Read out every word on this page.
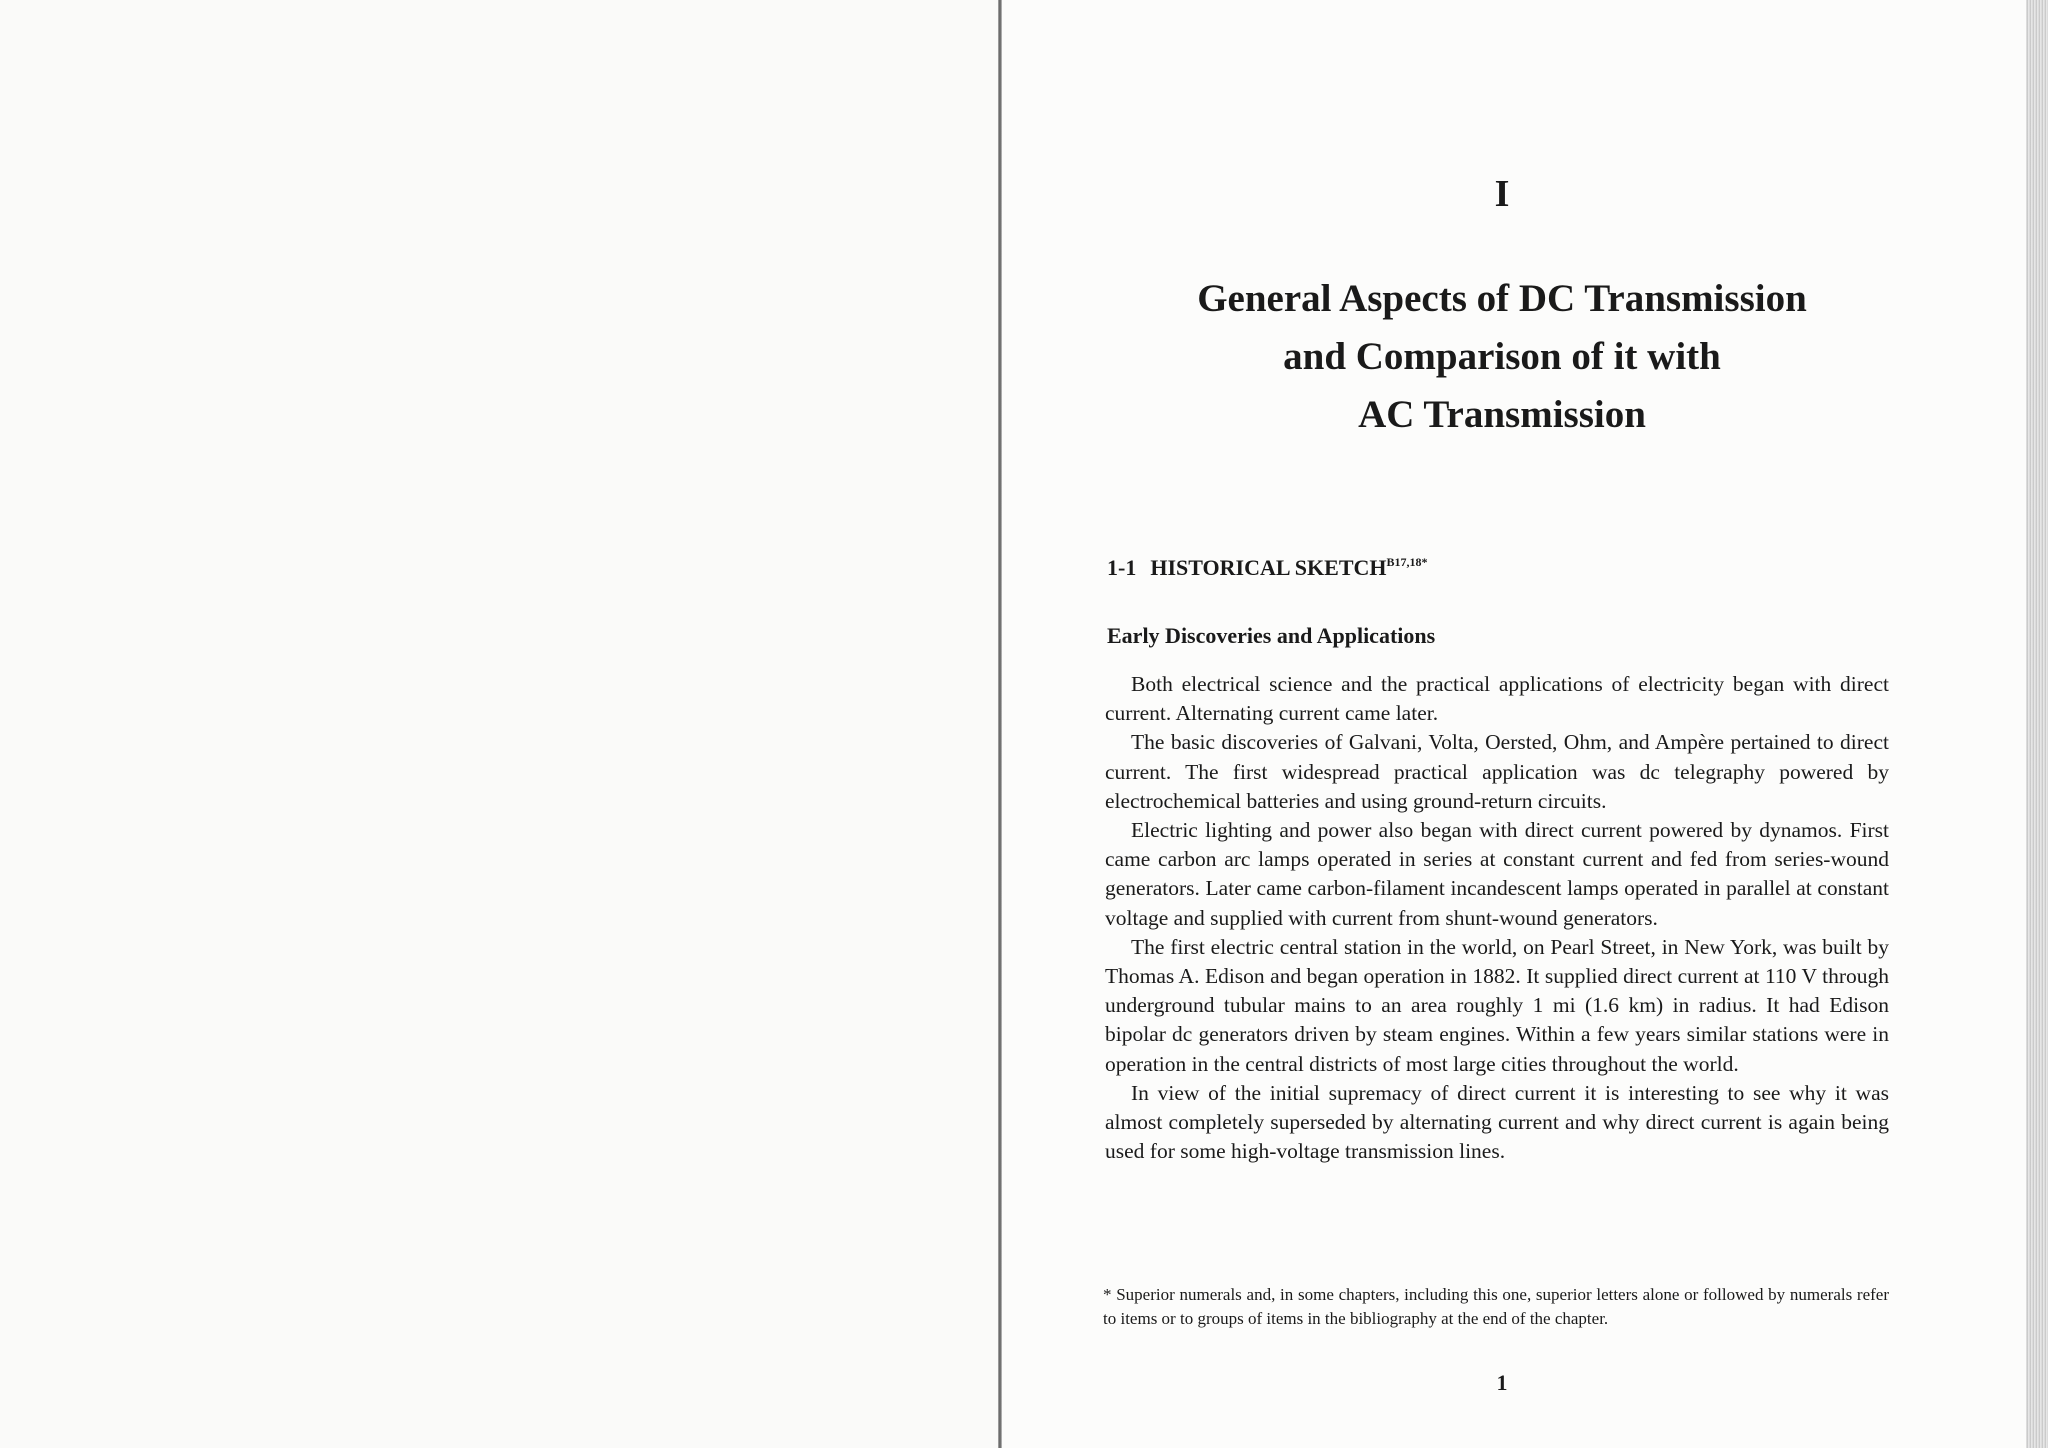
I
General Aspects of DC Transmission
and Comparison of it with
AC Transmission
1-1 HISTORICAL $SKETCH^{B17,18*}$
Early Discoveries and Applications

Both electrical science and the practical applications of electricity began with direct current. Alternating current came later.

The basic discoveries of Galvani, Volta, Oersted, Ohm, and Ampère pertained to direct current. The first widespread practical application was dc telegraphy powered by electrochemical batteries and using ground-return circuits.

Electric lighting and power also began with direct current powered by dynamos. First came carbon arc lamps operated in series at constant current and fed from series-wound generators. Later came carbon-filament incandescent lamps operated in parallel at constant voltage and supplied with current from shunt-wound generators.

The first electric central station in the world, on Pearl Street, in New York, was built by Thomas A. Edison and began operation in 1882. It supplied direct current at 110 V through underground tubular mains to an area roughly 1 mi (1.6 km) in radius. It had Edison bipolar dc generators driven by steam engines. Within a few years similar stations were in operation in the central districts of most large cities throughout the world.

In view of the initial supremacy of direct current it is interesting to see why it was almost completely superseded by alternating current and why direct current is again being used for some high-voltage transmission lines.

* Superior numerals and, in some chapters, including this one, superior letters alone or followed by numerals refer to items or to groups of items in the bibliography at the end of the chapter.

1
